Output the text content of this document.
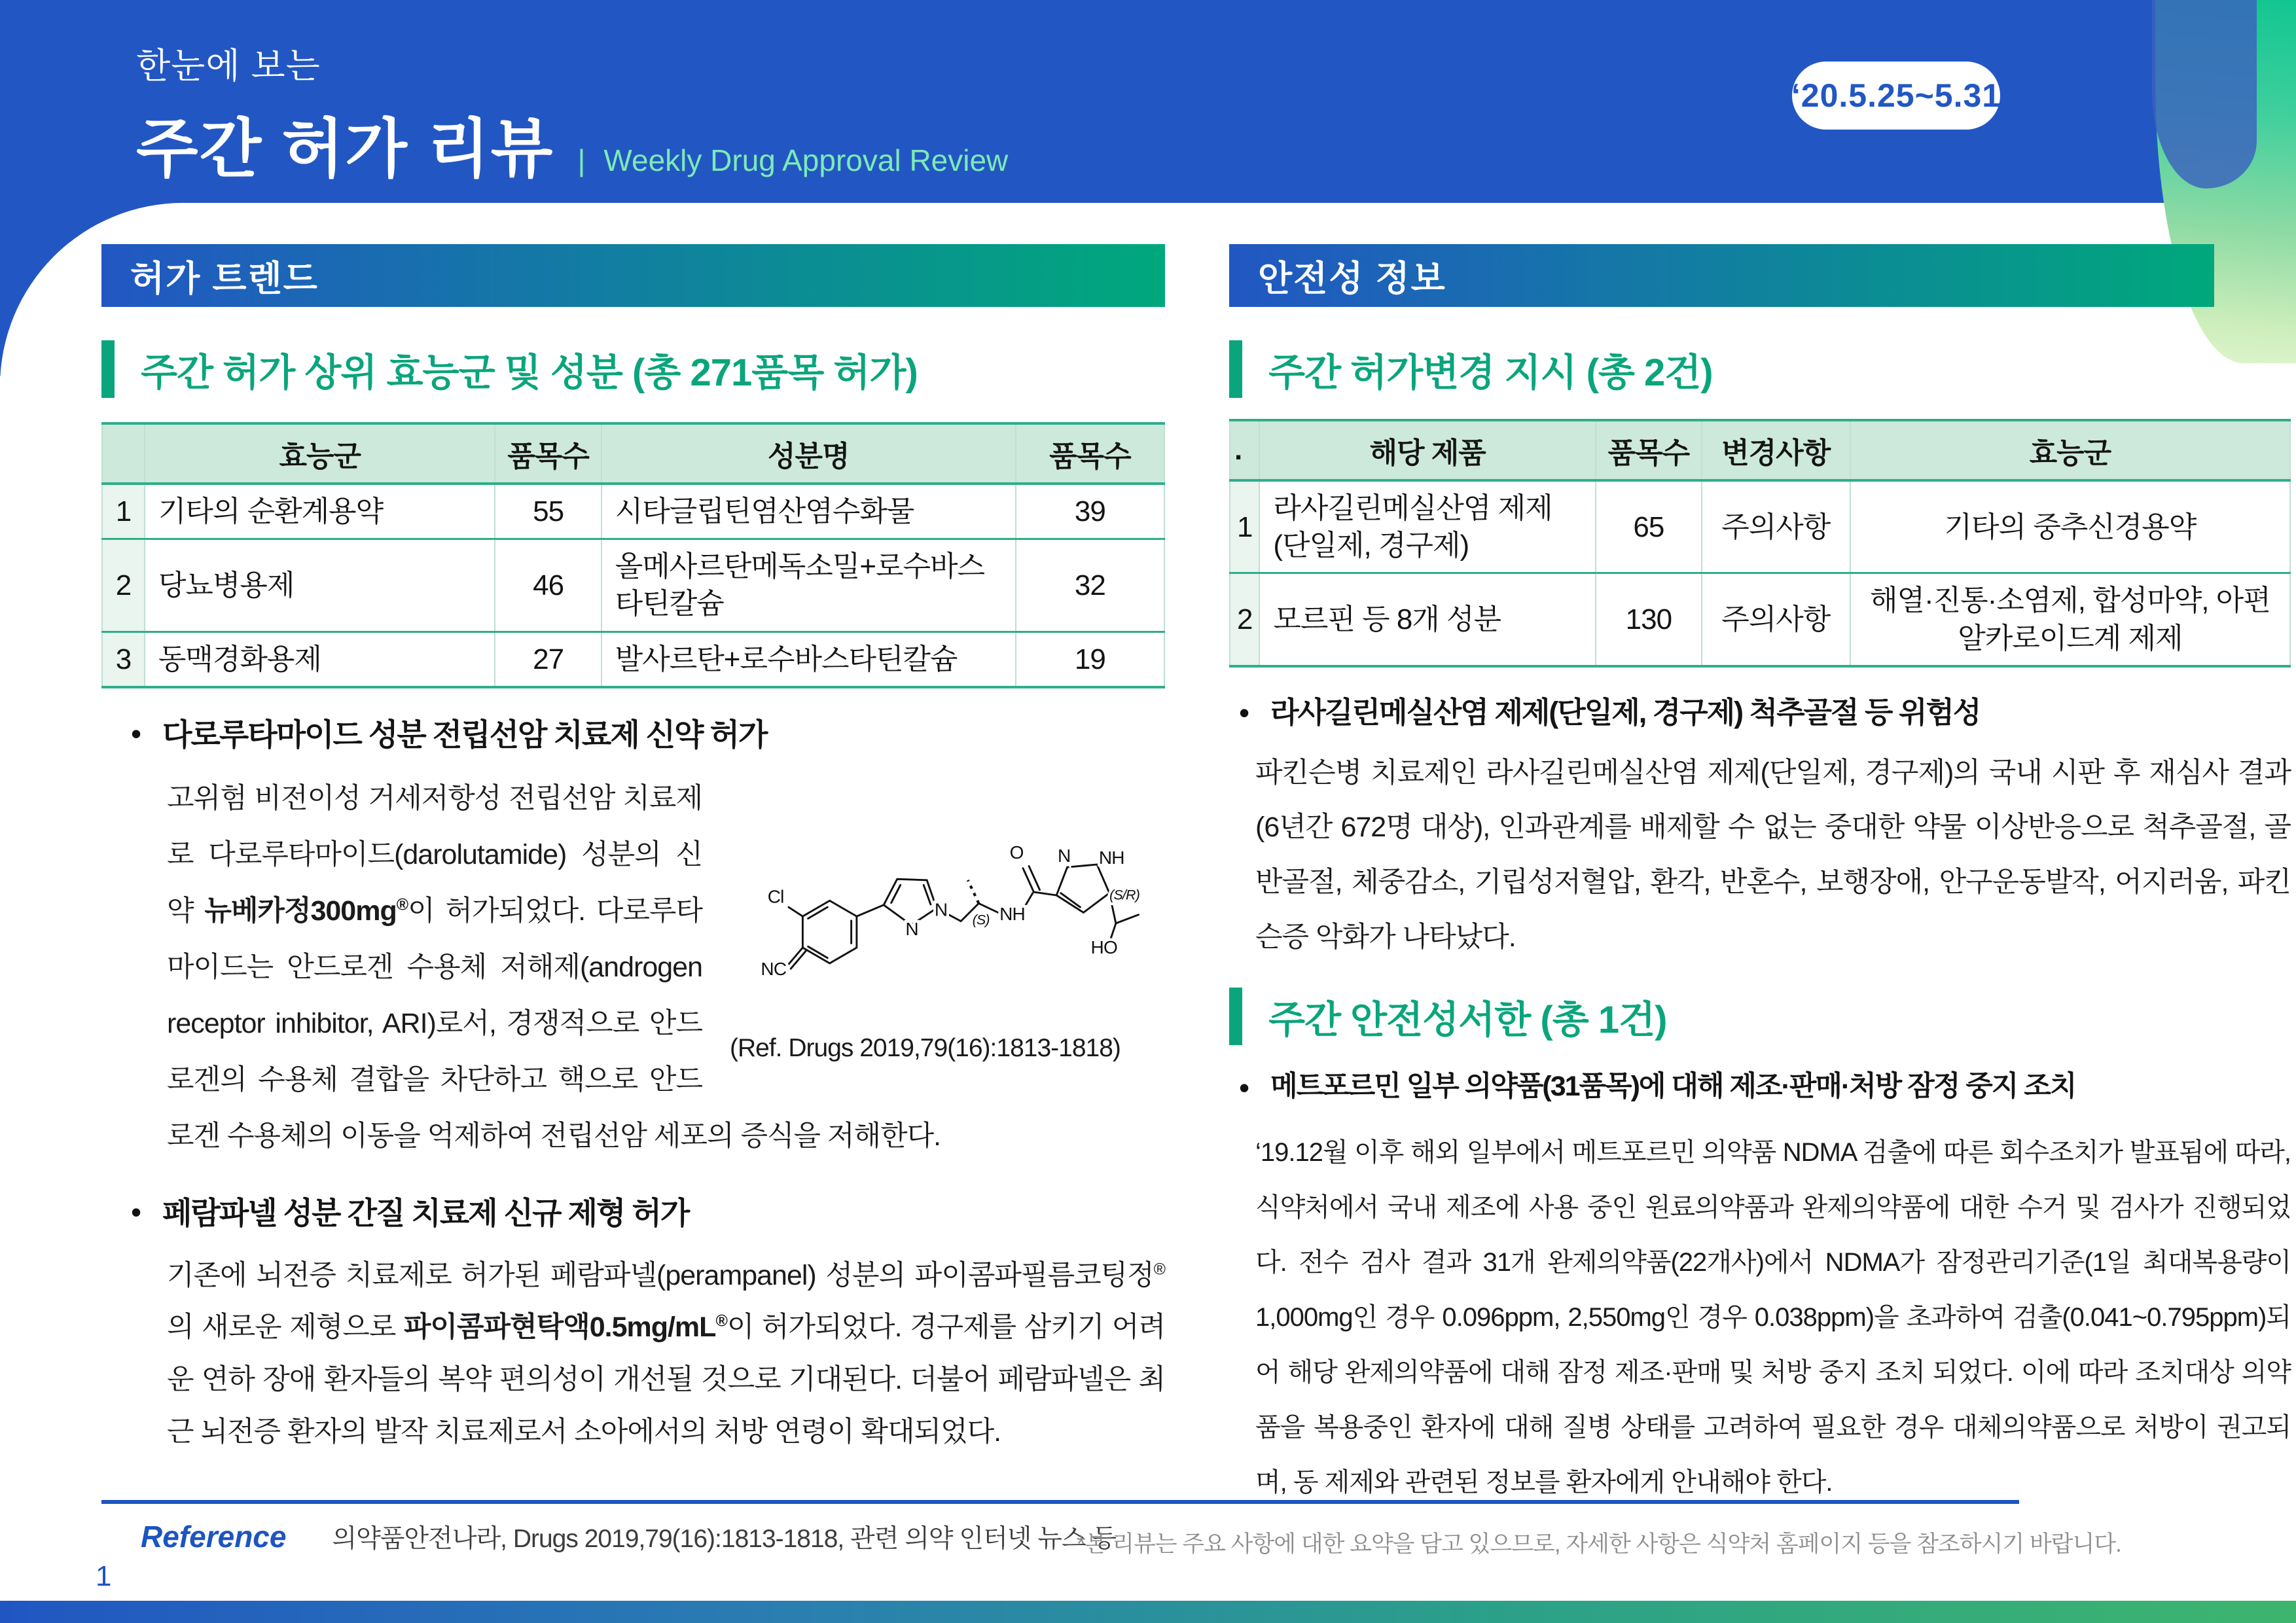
한눈에 보는
주간 허가 리뷰 | Weekly Drug Approval Review
‘20.5.25~5.31
허가 트렌드
주간 허가 상위 효능군 및 성분 (총 271품목 허가)
	효능군	품목수	성분명	품목수
1	기타의 순환계용약	55	시타글립틴염산염수화물	39
2	당뇨병용제	46	올메사르탄메독소밀+로수바스타틴칼슘	32
3	동맥경화용제	27	발사르탄+로수바스타틴칼슘	19
• 다로루타마이드 성분 전립선암 치료제 신약 허가
Cl
NC
N
N	(S) NH
O N NH
(S/R)
HO
(Ref. Drugs 2019,79(16):1813-1818)
고위험 비전이성 거세저항성 전립선암 치료제로 다로루타마이드(darolutamide) 성분의 신약 뉴베카정300mg®이 허가되었다. 다로루타마이드는 안드로겐 수용체 저해제(androgen receptor inhibitor, ARI)로서, 경쟁적으로 안드로겐의 수용체 결합을 차단하고 핵으로 안드로겐 수용체의 이동을 억제하여 전립선암 세포의 증식을 저해한다.
• 페람파넬 성분 간질 치료제 신규 제형 허가
기존에 뇌전증 치료제로 허가된 페람파넬(perampanel) 성분의 파이콤파필름코팅정®의 새로운 제형으로 파이콤파현탁액0.5mg/mL®이 허가되었다. 경구제를 삼키기 어려운 연하 장애 환자들의 복약 편의성이 개선될 것으로 기대된다. 더불어 페람파넬은 최근 뇌전증 환자의 발작 치료제로서 소아에서의 처방 연령이 확대되었다.
안전성 정보
주간 허가변경 지시 (총 2건)
.	해당 제품	품목수	변경사항	효능군
1	라사길린메실산염 제제 (단일제, 경구제)	65	주의사항	기타의 중추신경용약
2	모르핀 등 8개 성분	130	주의사항	해열·진통·소염제, 합성마약, 아편알카로이드계 제제
• 라사길린메실산염 제제(단일제, 경구제) 척추골절 등 위험성
파킨슨병 치료제인 라사길린메실산염 제제(단일제, 경구제)의 국내 시판 후 재심사 결과(6년간 672명 대상), 인과관계를 배제할 수 없는 중대한 약물 이상반응으로 척추골절, 골반골절, 체중감소, 기립성저혈압, 환각, 반혼수, 보행장애, 안구운동발작, 어지러움, 파킨슨증 악화가 나타났다.
주간 안전성서한 (총 1건)
• 메트포르민 일부 의약품(31품목)에 대해 제조·판매·처방 잠정 중지 조치
‘19.12월 이후 해외 일부에서 메트포르민 의약품 NDMA 검출에 따른 회수조치가 발표됨에 따라, 식약처에서 국내 제조에 사용 중인 원료의약품과 완제의약품에 대한 수거 및 검사가 진행되었다. 전수 검사 결과 31개 완제의약품(22개사)에서 NDMA가 잠정관리기준(1일 최대복용량이 1,000mg인 경우 0.096ppm, 2,550mg인 경우 0.038ppm)을 초과하여 검출(0.041~0.795ppm)되어 해당 완제의약품에 대해 잠정 제조·판매 및 처방 중지 조치 되었다. 이에 따라 조치대상 의약품을 복용중인 환자에 대해 질병 상태를 고려하여 필요한 경우 대체의약품으로 처방이 권고되며, 동 제제와 관련된 정보를 환자에게 안내해야 한다.
Reference 의약품안전나라, Drugs 2019,79(16):1813-1818, 관련 의약 인터넷 뉴스 등
*본 리뷰는 주요 사항에 대한 요약을 담고 있으므로, 자세한 사항은 식약처 홈페이지 등을 참조하시기 바랍니다.
1
